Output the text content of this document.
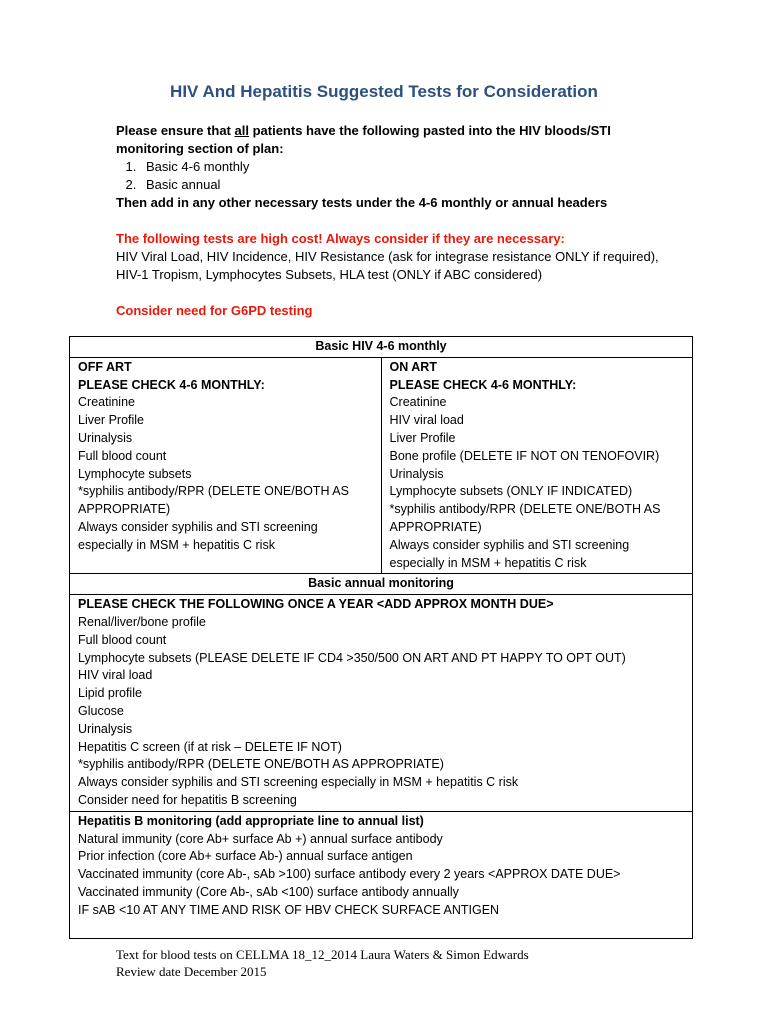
HIV And Hepatitis Suggested Tests for Consideration
Please ensure that all patients have the following pasted into the HIV bloods/STI monitoring section of plan:
1. Basic 4-6 monthly
2. Basic annual
Then add in any other necessary tests under the 4-6 monthly or annual headers
The following tests are high cost! Always consider if they are necessary:
HIV Viral Load, HIV Incidence, HIV Resistance (ask for integrase resistance ONLY if required), HIV-1 Tropism, Lymphocytes Subsets, HLA test (ONLY if ABC considered)
Consider need for G6PD testing
Basic HIV 4-6 monthly

OFF ART
PLEASE CHECK 4-6 MONTHLY:
Creatinine
Liver Profile
Urinalysis
Full blood count
Lymphocyte subsets
*syphilis antibody/RPR (DELETE ONE/BOTH AS APPROPRIATE)
Always consider syphilis and STI screening especially in MSM + hepatitis C risk

ON ART
PLEASE CHECK 4-6 MONTHLY:
Creatinine
HIV viral load
Liver Profile
Bone profile (DELETE IF NOT ON TENOFOVIR)
Urinalysis
Lymphocyte subsets (ONLY IF INDICATED)
*syphilis antibody/RPR (DELETE ONE/BOTH AS APPROPRIATE)
Always consider syphilis and STI screening especially in MSM + hepatitis C risk

Basic annual monitoring

PLEASE CHECK THE FOLLOWING ONCE A YEAR <ADD APPROX MONTH DUE>
Renal/liver/bone profile
Full blood count
Lymphocyte subsets (PLEASE DELETE IF CD4 >350/500 ON ART AND PT HAPPY TO OPT OUT)
HIV viral load
Lipid profile
Glucose
Urinalysis
Hepatitis C screen (if at risk – DELETE IF NOT)
*syphilis antibody/RPR (DELETE ONE/BOTH AS APPROPRIATE)
Always consider syphilis and STI screening especially in MSM + hepatitis C risk
Consider need for hepatitis B screening

Hepatitis B monitoring (add appropriate line to annual list)
Natural immunity (core Ab+ surface Ab +) annual surface antibody
Prior infection (core Ab+ surface Ab-) annual surface antigen
Vaccinated immunity (core Ab-, sAb >100) surface antibody every 2 years <APPROX DATE DUE>
Vaccinated immunity (Core Ab-, sAb <100) surface antibody annually
IF sAB <10 AT ANY TIME AND RISK OF HBV CHECK SURFACE ANTIGEN
Text for blood tests on CELLMA 18_12_2014 Laura Waters & Simon Edwards
Review date December 2015
